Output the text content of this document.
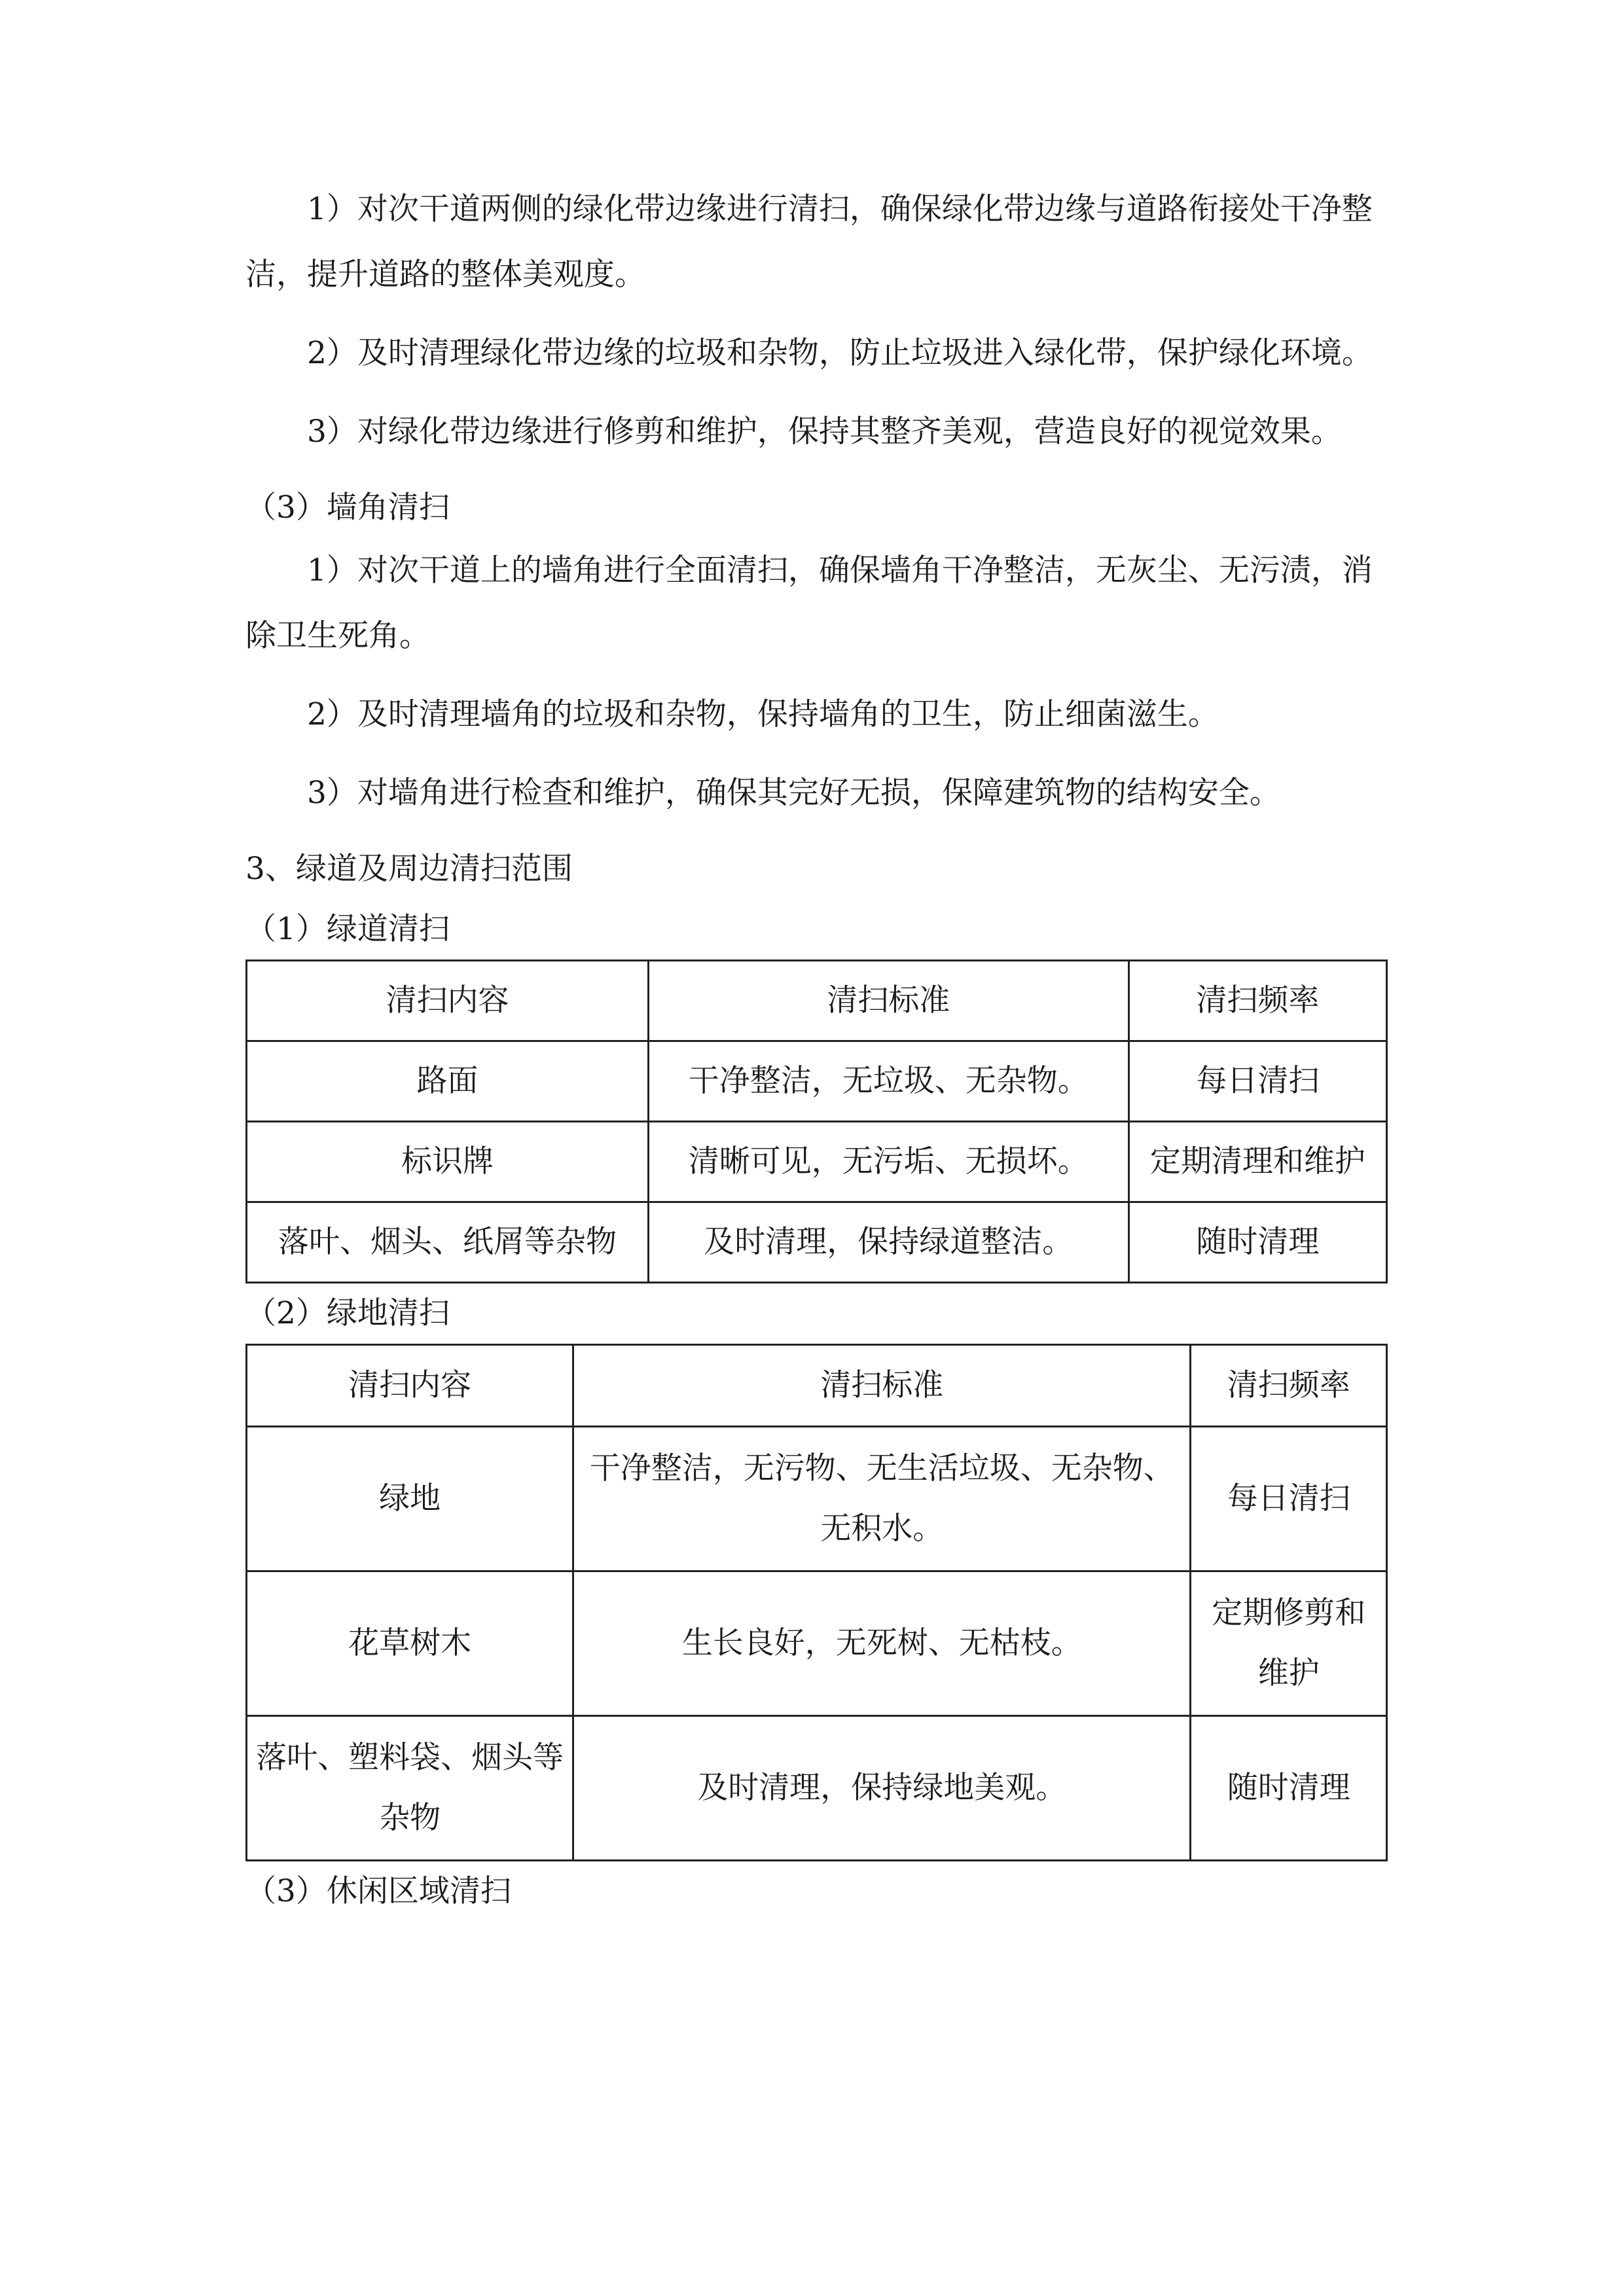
1）对次干道两侧的绿化带边缘进行清扫，确保绿化带边缘与道路衔接处干净整洁，提升道路的整体美观度。

2）及时清理绿化带边缘的垃圾和杂物，防止垃圾进入绿化带，保护绿化环境。

3）对绿化带边缘进行修剪和维护，保持其整齐美观，营造良好的视觉效果。

（3）墙角清扫

1）对次干道上的墙角进行全面清扫，确保墙角干净整洁，无灰尘、无污渍，消除卫生死角。

2）及时清理墙角的垃圾和杂物，保持墙角的卫生，防止细菌滋生。

3）对墙角进行检查和维护，确保其完好无损，保障建筑物的结构安全。

3、绿道及周边清扫范围

（1）绿道清扫

清扫内容	清扫标准	清扫频率
路面	干净整洁，无垃圾、无杂物。	每日清扫
标识牌	清晰可见，无污垢、无损坏。	定期清理和维护
落叶、烟头、纸屑等杂物	及时清理，保持绿道整洁。	随时清理

（2）绿地清扫

清扫内容	清扫标准	清扫频率
绿地	干净整洁，无污物、无生活垃圾、无杂物、无积水。	每日清扫
花草树木	生长良好，无死树、无枯枝。	定期修剪和维护
落叶、塑料袋、烟头等杂物	及时清理，保持绿地美观。	随时清理

（3）休闲区域清扫
